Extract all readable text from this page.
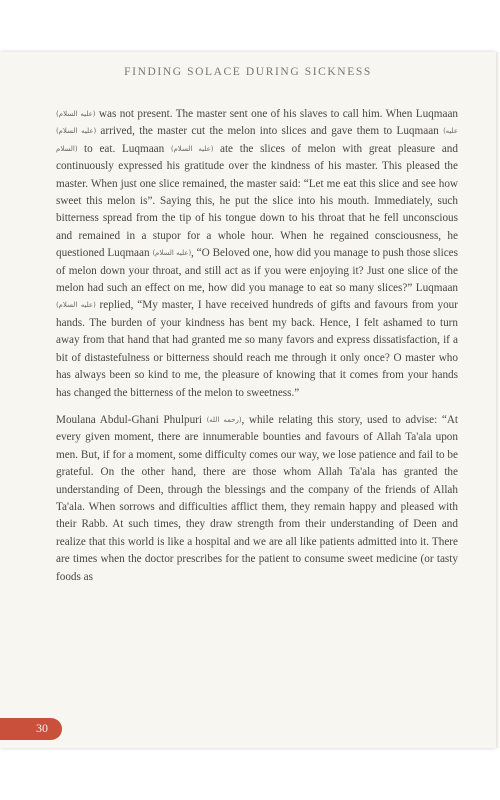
FINDING SOLACE DURING SICKNESS

(عليه السلام) was not present. The master sent one of his slaves to call him. When Luqmaan (عليه السلام) arrived, the master cut the melon into slices and gave them to Luqmaan (عليه السلام) to eat. Luqmaan (عليه السلام) ate the slices of melon with great pleasure and continuously expressed his gratitude over the kindness of his master. This pleased the master. When just one slice remained, the master said: “Let me eat this slice and see how sweet this melon is”. Saying this, he put the slice into his mouth. Immediately, such bitterness spread from the tip of his tongue down to his throat that he fell unconscious and remained in a stupor for a whole hour. When he regained consciousness, he questioned Luqmaan (عليه السلام), “O Beloved one, how did you manage to push those slices of melon down your throat, and still act as if you were enjoying it? Just one slice of the melon had such an effect on me, how did you manage to eat so many slices?” Luqmaan (عليه السلام) replied, “My master, I have received hundreds of gifts and favours from your hands. The burden of your kindness has bent my back. Hence, I felt ashamed to turn away from that hand that had granted me so many favors and express dissatisfaction, if a bit of distastefulness or bitterness should reach me through it only once? O master who has always been so kind to me, the pleasure of knowing that it comes from your hands has changed the bitterness of the melon to sweetness.”

Moulana Abdul-Ghani Phulpuri (رحمه الله), while relating this story, used to advise: “At every given moment, there are innumerable bounties and favours of Allah Ta'ala upon men. But, if for a moment, some difficulty comes our way, we lose patience and fail to be grateful. On the other hand, there are those whom Allah Ta'ala has granted the understanding of Deen, through the blessings and the company of the friends of Allah Ta'ala. When sorrows and difficulties afflict them, they remain happy and pleased with their Rabb. At such times, they draw strength from their understanding of Deen and realize that this world is like a hospital and we are all like patients admitted into it. There are times when the doctor prescribes for the patient to consume sweet medicine (or tasty foods as

30
